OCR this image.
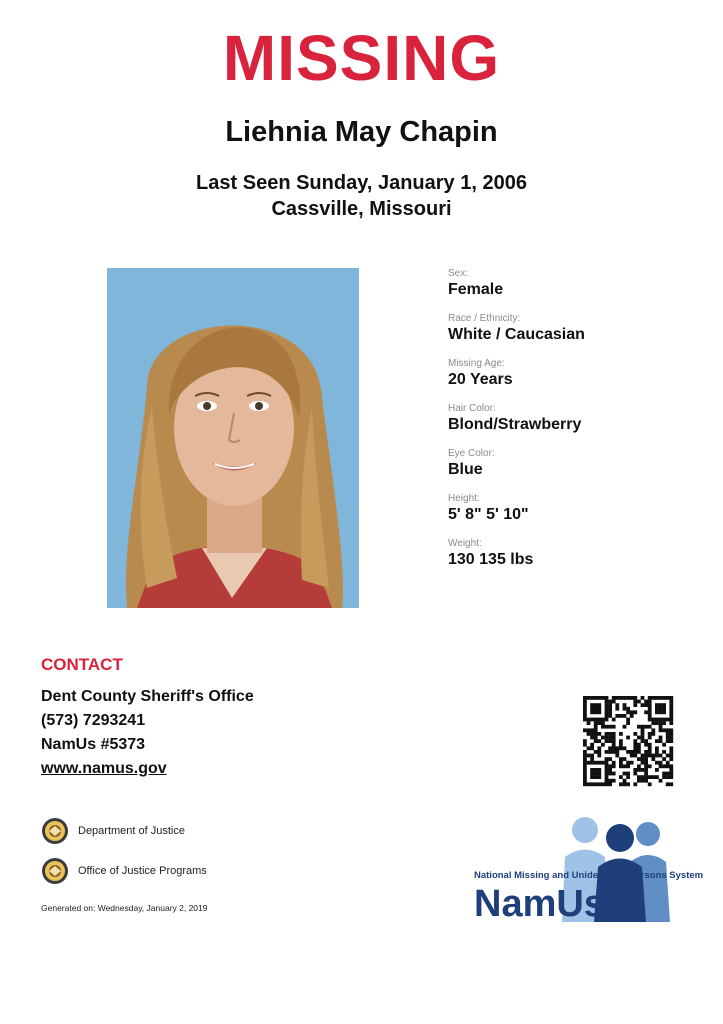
MISSING
Liehnia May Chapin
Last Seen Sunday, January 1, 2006
Cassville, Missouri
Sex:
Female
Race / Ethnicity:
White / Caucasian
Missing Age:
20 Years
Hair Color:
Blond/Strawberry
Eye Color:
Blue
Height:
5' 8" 5' 10"
Weight:
130 135 lbs
CONTACT
Dent County Sheriff's Office
(573) 7293241
NamUs #5373
www.namus.gov
Department of Justice
Office of Justice Programs
Generated on: Wednesday, January 2, 2019
National Missing and Unidentified Persons System
NamUs
